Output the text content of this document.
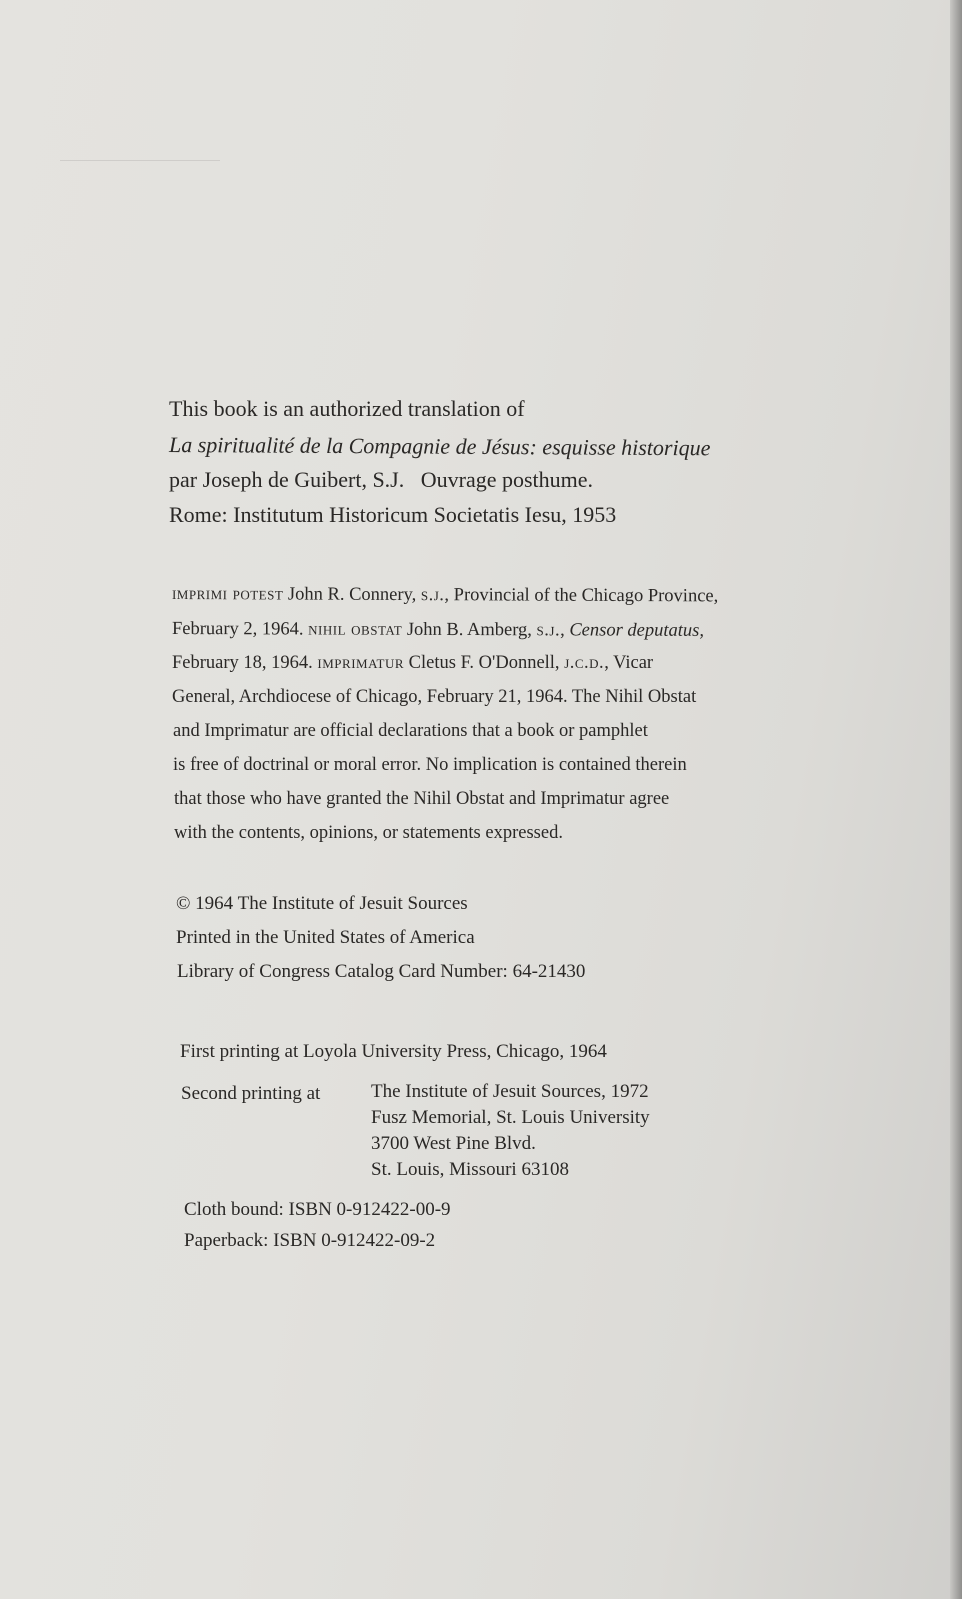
This book is an authorized translation of
La spiritualité de la Compagnie de Jésus: esquisse historique
par Joseph de Guibert, S.J.   Ouvrage posthume.
Rome: Institutum Historicum Societatis Iesu, 1953
imprimi potest John R. Connery, s.j., Provincial of the Chicago Province,
February 2, 1964. nihil obstat John B. Amberg, s.j., Censor deputatus,
February 18, 1964. imprimatur Cletus F. O'Donnell, j.c.d., Vicar
General, Archdiocese of Chicago, February 21, 1964. The Nihil Obstat
and Imprimatur are official declarations that a book or pamphlet
is free of doctrinal or moral error. No implication is contained therein
that those who have granted the Nihil Obstat and Imprimatur agree
with the contents, opinions, or statements expressed.
© 1964 The Institute of Jesuit Sources
Printed in the United States of America
Library of Congress Catalog Card Number: 64-21430
First printing at Loyola University Press, Chicago, 1964
Second printing at	The Institute of Jesuit Sources, 1972
Fusz Memorial, St. Louis University
3700 West Pine Blvd.
St. Louis, Missouri 63108
Cloth bound: ISBN 0-912422-00-9
Paperback: ISBN 0-912422-09-2
